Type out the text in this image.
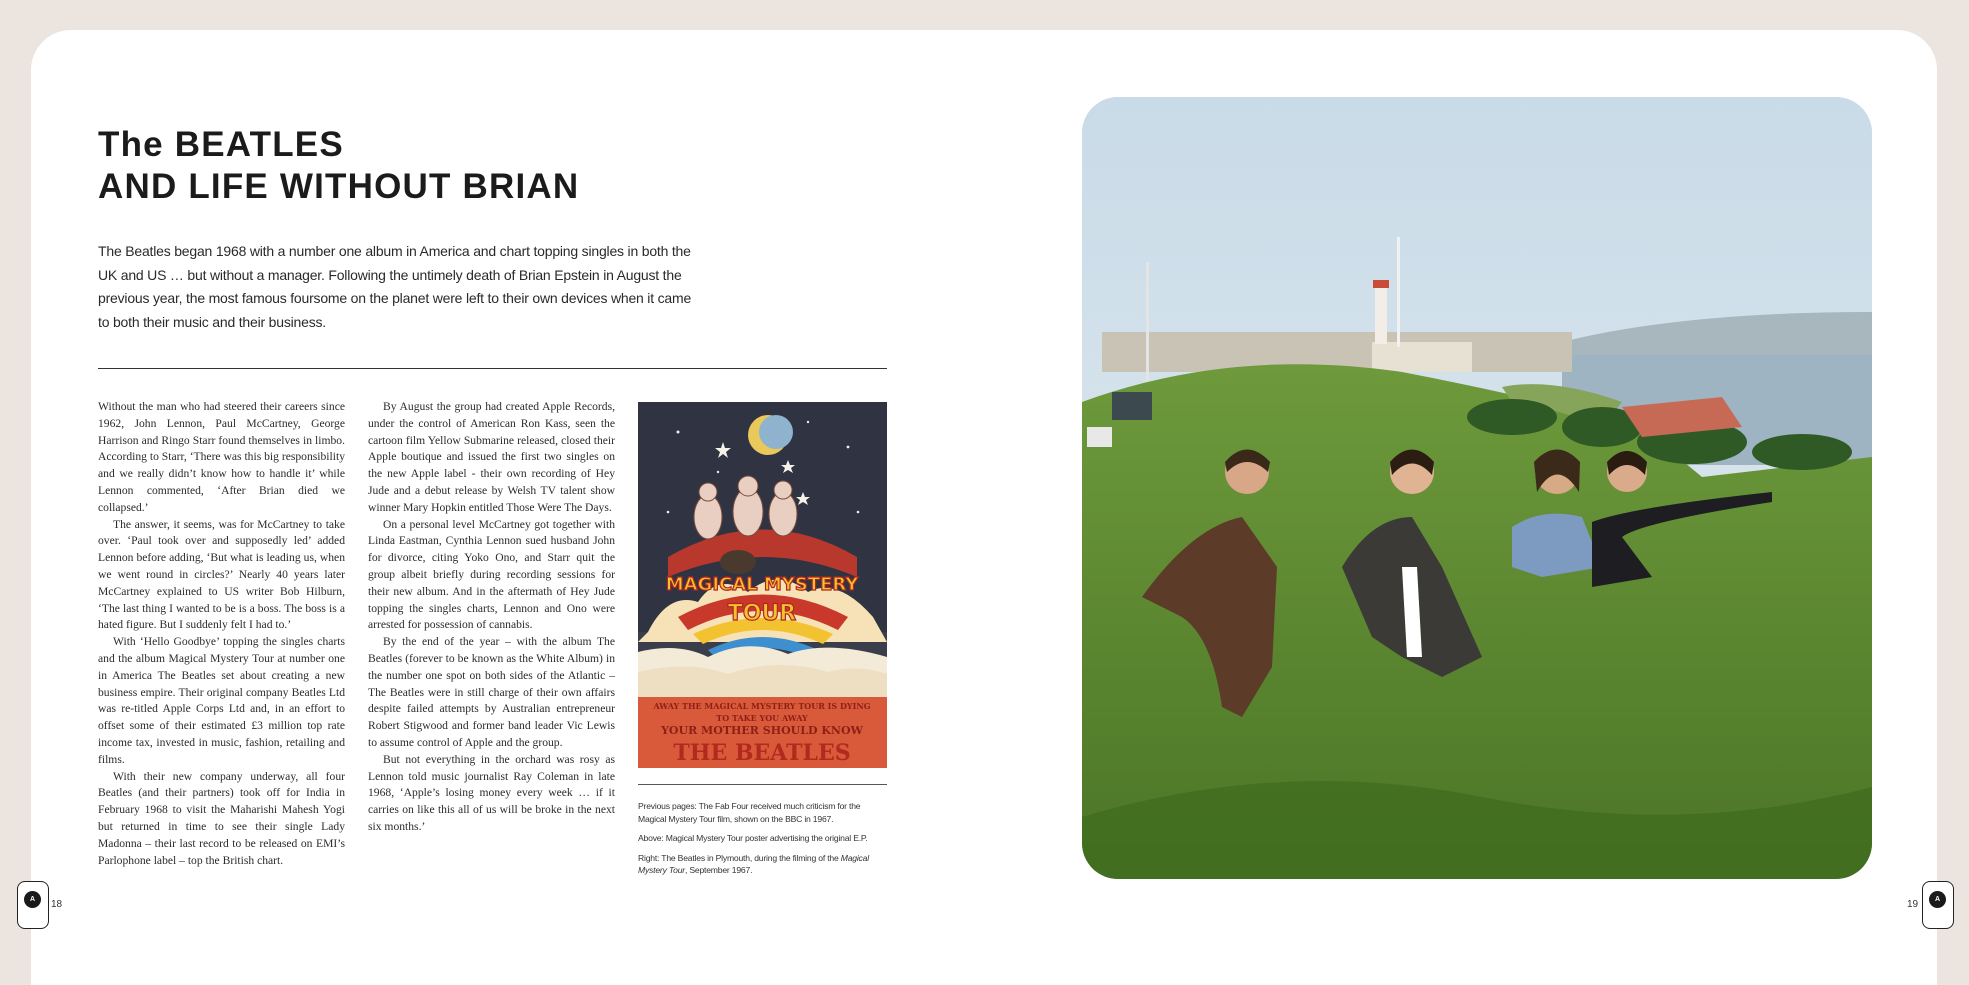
The BEATLES
AND LIFE WITHOUT BRIAN

The Beatles began 1968 with a number one album in America and chart topping singles in both the UK and US … but without a manager. Following the untimely death of Brian Epstein in August the previous year, the most famous foursome on the planet were left to their own devices when it came to both their music and their business.

Without the man who had steered their careers since 1962, John Lennon, Paul McCartney, George Harrison and Ringo Starr found themselves in limbo. According to Starr, ‘There was this big responsibility and we really didn’t know how to handle it’ while Lennon commented, ‘After Brian died we collapsed.’

The answer, it seems, was for McCartney to take over. ‘Paul took over and supposedly led’ added Lennon before adding, ‘But what is leading us, when we went round in circles?’ Nearly 40 years later McCartney explained to US writer Bob Hilburn, ‘The last thing I wanted to be is a boss. The boss is a hated figure. But I suddenly felt I had to.’

With ‘Hello Goodbye’ topping the singles charts and the album Magical Mystery Tour at number one in America The Beatles set about creating a new business empire. Their original company Beatles Ltd was re-titled Apple Corps Ltd and, in an effort to offset some of their estimated £3 million top rate income tax, invested in music, fashion, retailing and films.

With their new company underway, all four Beatles (and their partners) took off for India in February 1968 to visit the Maharishi Mahesh Yogi but returned in time to see their single Lady Madonna – their last record to be released on EMI’s Parlophone label – top the British chart.

By August the group had created Apple Records, under the control of American Ron Kass, seen the cartoon film Yellow Submarine released, closed their Apple boutique and issued the first two singles on the new Apple label - their own recording of Hey Jude and a debut release by Welsh TV talent show winner Mary Hopkin entitled Those Were The Days.

On a personal level McCartney got together with Linda Eastman, Cynthia Lennon sued husband John for divorce, citing Yoko Ono, and Starr quit the group albeit briefly during recording sessions for their new album. And in the aftermath of Hey Jude topping the singles charts, Lennon and Ono were arrested for possession of cannabis.

By the end of the year – with the album The Beatles (forever to be known as the White Album) in the number one spot on both sides of the Atlantic – The Beatles were in still charge of their own affairs despite failed attempts by Australian entrepreneur Robert Stigwood and former band leader Vic Lewis to assume control of Apple and the group.

But not everything in the orchard was rosy as Lennon told music journalist Ray Coleman in late 1968, ‘Apple’s losing money every week … if it carries on like this all of us will be broke in the next six months.’

MAGICAL MYSTERY
TOUR
AWAY THE MAGICAL MYSTERY TOUR IS DYING
TO TAKE YOU AWAY
YOUR MOTHER SHOULD KNOW
THE BEATLES

Previous pages: The Fab Four received much criticism for the Magical Mystery Tour film, shown on the BBC in 1967.

Above: Magical Mystery Tour poster advertising the original E.P.

Right: The Beatles in Plymouth, during the filming of the Magical Mystery Tour, September 1967.

A	18	A
19
